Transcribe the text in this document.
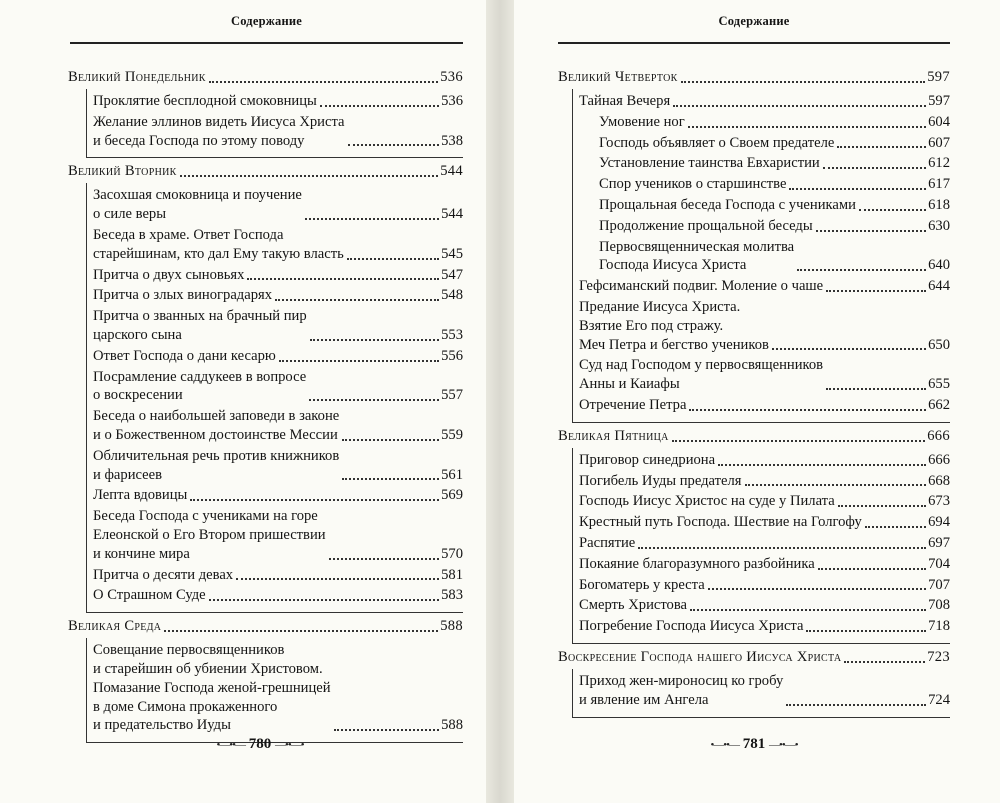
Содержание
Великий Понедельник	536
Проклятие бесплодной смоковницы	536
Желание эллинов видеть Иисуса Христа
и беседа Господа по этому поводу	538
Великий Вторник	544
Засохшая смоковница и поучение
о силе веры	544
Беседа в храме. Ответ Господа
старейшинам, кто дал Ему такую власть	545
Притча о двух сыновьях	547
Притча о злых виноградарях	548
Притча о званных на брачный пир
царского сына	553
Ответ Господа о дани кесарю	556
Посрамление саддукеев в вопросе
о воскресении	557
Беседа о наибольшей заповеди в законе
и о Божественном достоинстве Мессии	559
Обличительная речь против книжников
и фарисеев	561
Лепта вдовицы	569
Беседа Господа с учениками на горе
Елеонской о Его Втором пришествии
и кончине мира	570
Притча о десяти девах	581
О Страшном Суде	583
Великая Среда	588
Совещание первосвященников
и старейшин об убиении Христовом.
Помазание Господа женой-грешницей
в доме Симона прокаженного
и предательство Иуды	588
•—••— 780 —••—•
Содержание
Великий Четверток	597
Тайная Вечеря	597
Умовение ног	604
Господь объявляет о Своем предателе	607
Установление таинства Евхаристии	612
Спор учеников о старшинстве	617
Прощальная беседа Господа с учениками	618
Продолжение прощальной беседы	630
Первосвященническая молитва
Господа Иисуса Христа	640
Гефсиманский подвиг. Моление о чаше	644
Предание Иисуса Христа.
Взятие Его под стражу.
Меч Петра и бегство учеников	650
Суд над Господом у первосвященников
Анны и Каиафы	655
Отречение Петра	662
Великая Пятница	666
Приговор синедриона	666
Погибель Иуды предателя	668
Господь Иисус Христос на суде у Пилата	673
Крестный путь Господа. Шествие на Голгофу	694
Распятие	697
Покаяние благоразумного разбойника	704
Богоматерь у креста	707
Смерть Христова	708
Погребение Господа Иисуса Христа	718
Воскресение Господа нашего Иисуса Христа	723
Приход жен-мироносиц ко гробу
и явление им Ангела	724
•—••— 781 —••—•
